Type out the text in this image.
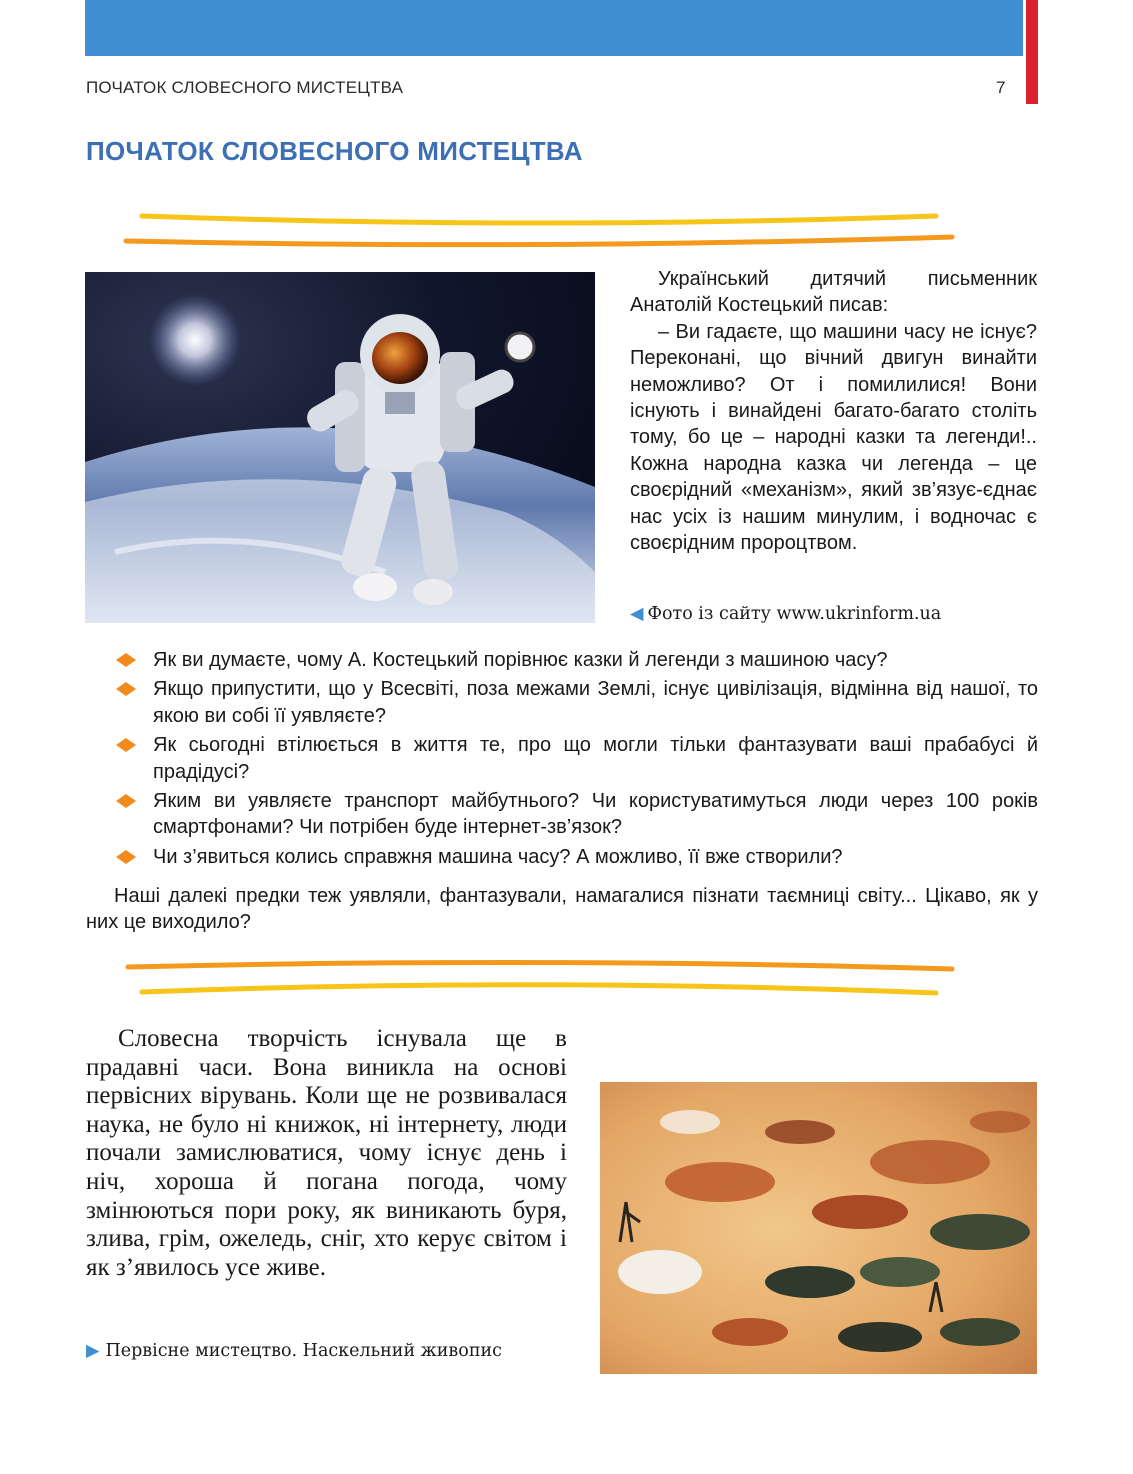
ПОЧАТОК СЛОВЕСНОГО МИСТЕЦТВА	7
ПОЧАТОК СЛОВЕСНОГО МИСТЕЦТВА

Український дитячий письменник Анатолій Костецький писав:

– Ви гадаєте, що машини часу не існує? Переконані, що вічний двигун винайти неможливо? От і помилилися! Вони існують і винайдені багато-багато століть тому, бо це – народні казки та легенди!.. Кожна народна казка чи легенда – це своєрідний «механізм», який зв’язує-єднає нас усіх із нашим минулим, і водночас є своєрідним пророцтвом.

◀ Фото із сайту www.ukrinform.ua
Як ви думаєте, чому А. Костецький порівнює казки й легенди з машиною часу?
Якщо припустити, що у Всесвіті, поза межами Землі, існує цивілізація, відмінна від нашої, то якою ви собі її уявляєте?
Як сьогодні втілюється в життя те, про що могли тільки фантазувати ваші прабабусі й прадідусі?
Яким ви уявляєте транспорт майбутнього? Чи користуватимуться люди через 100 років смартфонами? Чи потрібен буде інтернет-зв’язок?
Чи з’явиться колись справжня машина часу? А можливо, її вже створили?

Наші далекі предки теж уявляли, фантазували, намагалися пізнати таємниці світу... Цікаво, як у них це виходило?

Словесна творчість існувала ще в прадавні часи. Вона виникла на основі первісних вірувань. Коли ще не розвивалася наука, не було ні книжок, ні інтернету, люди почали замислюватися, чому існує день і ніч, хороша й погана погода, чому змінюються пори року, як виникають буря, злива, грім, ожеледь, сніг, хто керує світом і як з’явилось усе живе.

▶ Первісне мистецтво. Наскельний живопис
